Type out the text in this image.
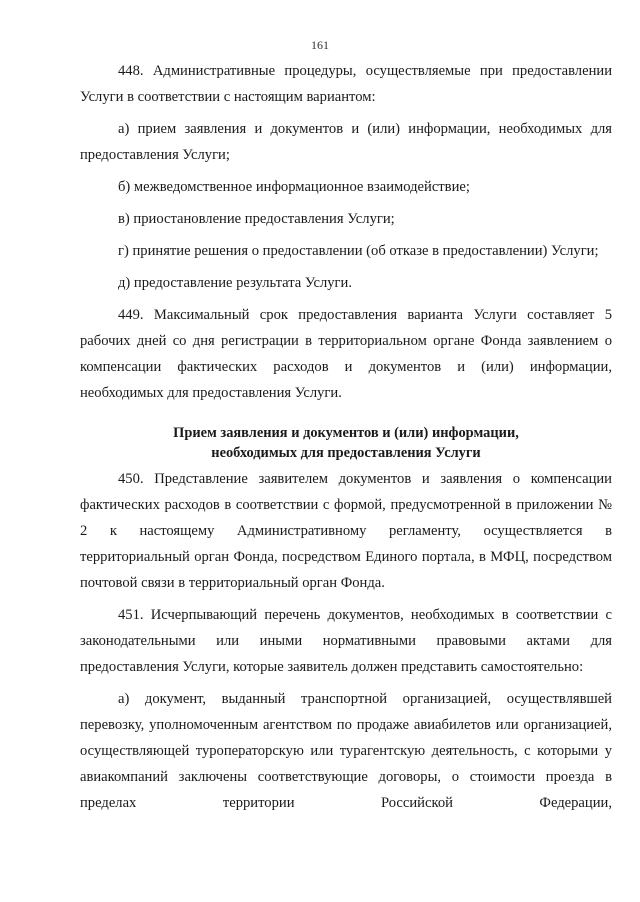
161

448. Административные процедуры, осуществляемые при предоставлении Услуги в соответствии с настоящим вариантом:

а) прием заявления и документов и (или) информации, необходимых для предоставления Услуги;

б) межведомственное информационное взаимодействие;

в) приостановление предоставления Услуги;

г) принятие решения о предоставлении (об отказе в предоставлении) Услуги;

д) предоставление результата Услуги.

449. Максимальный срок предоставления варианта Услуги составляет 5 рабочих дней со дня регистрации в территориальном органе Фонда заявлением о компенсации фактических расходов и документов и (или) информации, необходимых для предоставления Услуги.

Прием заявления и документов и (или) информации,

необходимых для предоставления Услуги

450. Представление заявителем документов и заявления о компенсации фактических расходов в соответствии с формой, предусмотренной в приложении № 2 к настоящему Административному регламенту, осуществляется в территориальный орган Фонда, посредством Единого портала, в МФЦ, посредством почтовой связи в территориальный орган Фонда.

451. Исчерпывающий перечень документов, необходимых в соответствии с законодательными или иными нормативными правовыми актами для предоставления Услуги, которые заявитель должен представить самостоятельно:

а) документ, выданный транспортной организацией, осуществлявшей перевозку, уполномоченным агентством по продаже авиабилетов или организацией, осуществляющей туроператорскую или турагентскую деятельность, с которыми у авиакомпаний заключены соответствующие договоры, о стоимости проезда в пределах территории Российской Федерации,
